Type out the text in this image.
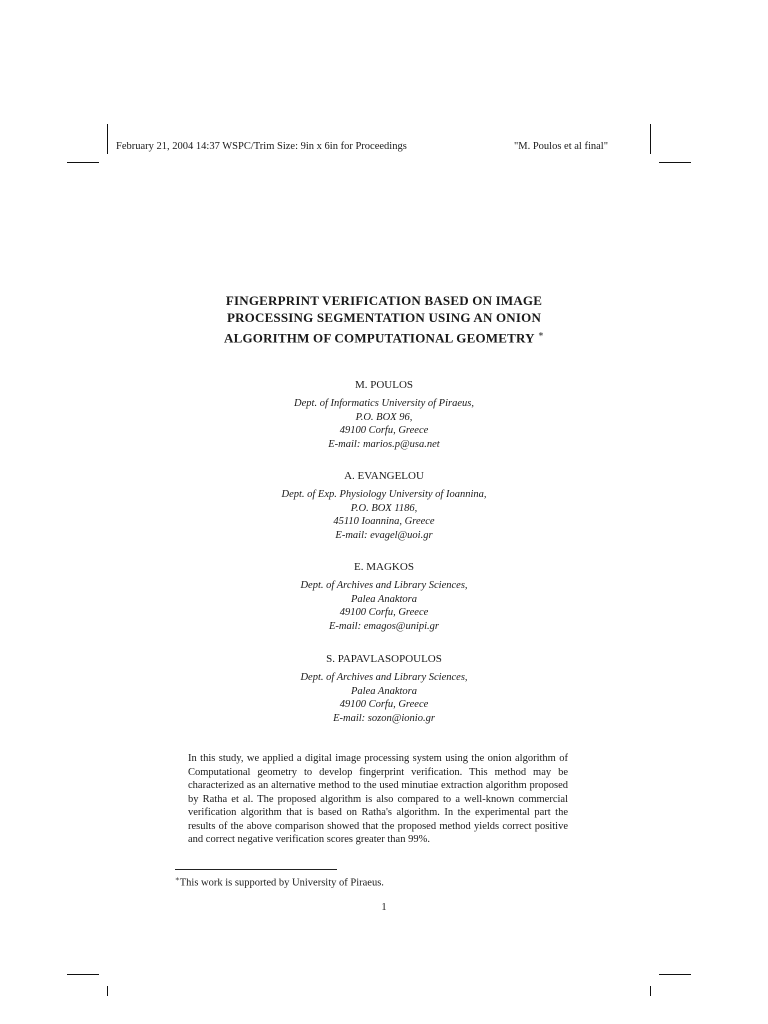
February 21, 2004 14:37 WSPC/Trim Size: 9in x 6in for Proceedings	"M. Poulos et al final"
FINGERPRINT VERIFICATION BASED ON IMAGE
PROCESSING SEGMENTATION USING AN ONION
ALGORITHM OF COMPUTATIONAL GEOMETRY ∗
M. POULOS
Dept. of Informatics University of Piraeus,
P.O. BOX 96,
49100 Corfu, Greece
E-mail: marios.p@usa.net
A. EVANGELOU
Dept. of Exp. Physiology University of Ioannina,
P.O. BOX 1186,
45110 Ioannina, Greece
E-mail: evagel@uoi.gr
E. MAGKOS
Dept. of Archives and Library Sciences,
Palea Anaktora
49100 Corfu, Greece
E-mail: emagos@unipi.gr
S. PAPAVLASOPOULOS
Dept. of Archives and Library Sciences,
Palea Anaktora
49100 Corfu, Greece
E-mail: sozon@ionio.gr
In this study, we applied a digital image processing system using the onion algorithm of Computational geometry to develop fingerprint verification. This method may be characterized as an alternative method to the used minutiae extraction algorithm proposed by Ratha et al. The proposed algorithm is also compared to a well-known commercial verification algorithm that is based on Ratha's algorithm. In the experimental part the results of the above comparison showed that the proposed method yields correct positive and correct negative verification scores greater than 99%.
∗This work is supported by University of Piraeus.
1
